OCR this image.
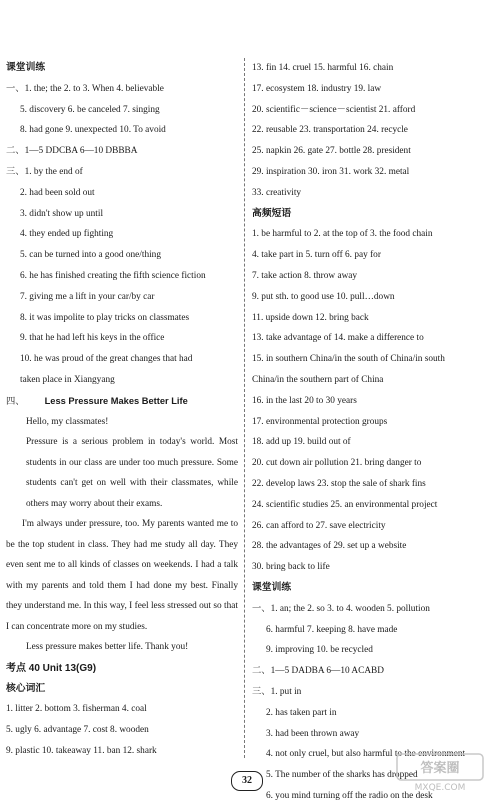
课堂训练
一、1. the; the 2. to 3. When 4. believable
5. discovery 6. be canceled 7. singing
8. had gone 9. unexpected 10. To avoid
二、1—5 DDCBA 6—10 DBBBA
三、1. by the end of
2. had been sold out
3. didn't show up until
4. they ended up fighting
5. can be turned into a good one/thing
6. he has finished creating the fifth science fiction
7. giving me a lift in your car/by car
8. it was impolite to play tricks on classmates
9. that he had left his keys in the office
10. he was proud of the great changes that had
taken place in Xiangyang
四、 Less Pressure Makes Better Life
Hello, my classmates!

Pressure is a serious problem in today's world. Most students in our class are under too much pressure. Some students can't get on well with their classmates, while others may worry about their exams.

I'm always under pressure, too. My parents wanted me to be the top student in class. They had me study all day. They even sent me to all kinds of classes on weekends. I had a talk with my parents and told them I had done my best. Finally they understand me. In this way, I feel less stressed out so that I can concentrate more on my studies.

Less pressure makes better life. Thank you!
考点 40 Unit 13(G9)
核心词汇
1. litter 2. bottom 3. fisherman 4. coal
5. ugly 6. advantage 7. cost 8. wooden
9. plastic 10. takeaway 11. ban 12. shark
13. fin 14. cruel 15. harmful 16. chain
17. ecosystem 18. industry 19. law
20. scientific－science－scientist 21. afford
22. reusable 23. transportation 24. recycle
25. napkin 26. gate 27. bottle 28. president
29. inspiration 30. iron 31. work 32. metal
33. creativity
高频短语
1. be harmful to 2. at the top of 3. the food chain
4. take part in 5. turn off 6. pay for
7. take action 8. throw away
9. put sth. to good use 10. pull…down
11. upside down 12. bring back
13. take advantage of 14. make a difference to
15. in southern China/in the south of China/in south
China/in the southern part of China
16. in the last 20 to 30 years
17. environmental protection groups
18. add up 19. build out of
20. cut down air pollution 21. bring danger to
22. develop laws 23. stop the sale of shark fins
24. scientific studies 25. an environmental project
26. can afford to 27. save electricity
28. the advantages of 29. set up a website
30. bring back to life
课堂训练
一、1. an; the 2. so 3. to 4. wooden 5. pollution
6. harmful 7. keeping 8. have made
9. improving 10. be recycled
二、1—5 DADBA 6—10 ACABD
三、1. put in
2. has taken part in
3. had been thrown away
4. not only cruel, but also harmful to the environment
5. The number of the sharks has dropped
6. you mind turning off the radio on the desk
32
答案圈
MXQE.COM
